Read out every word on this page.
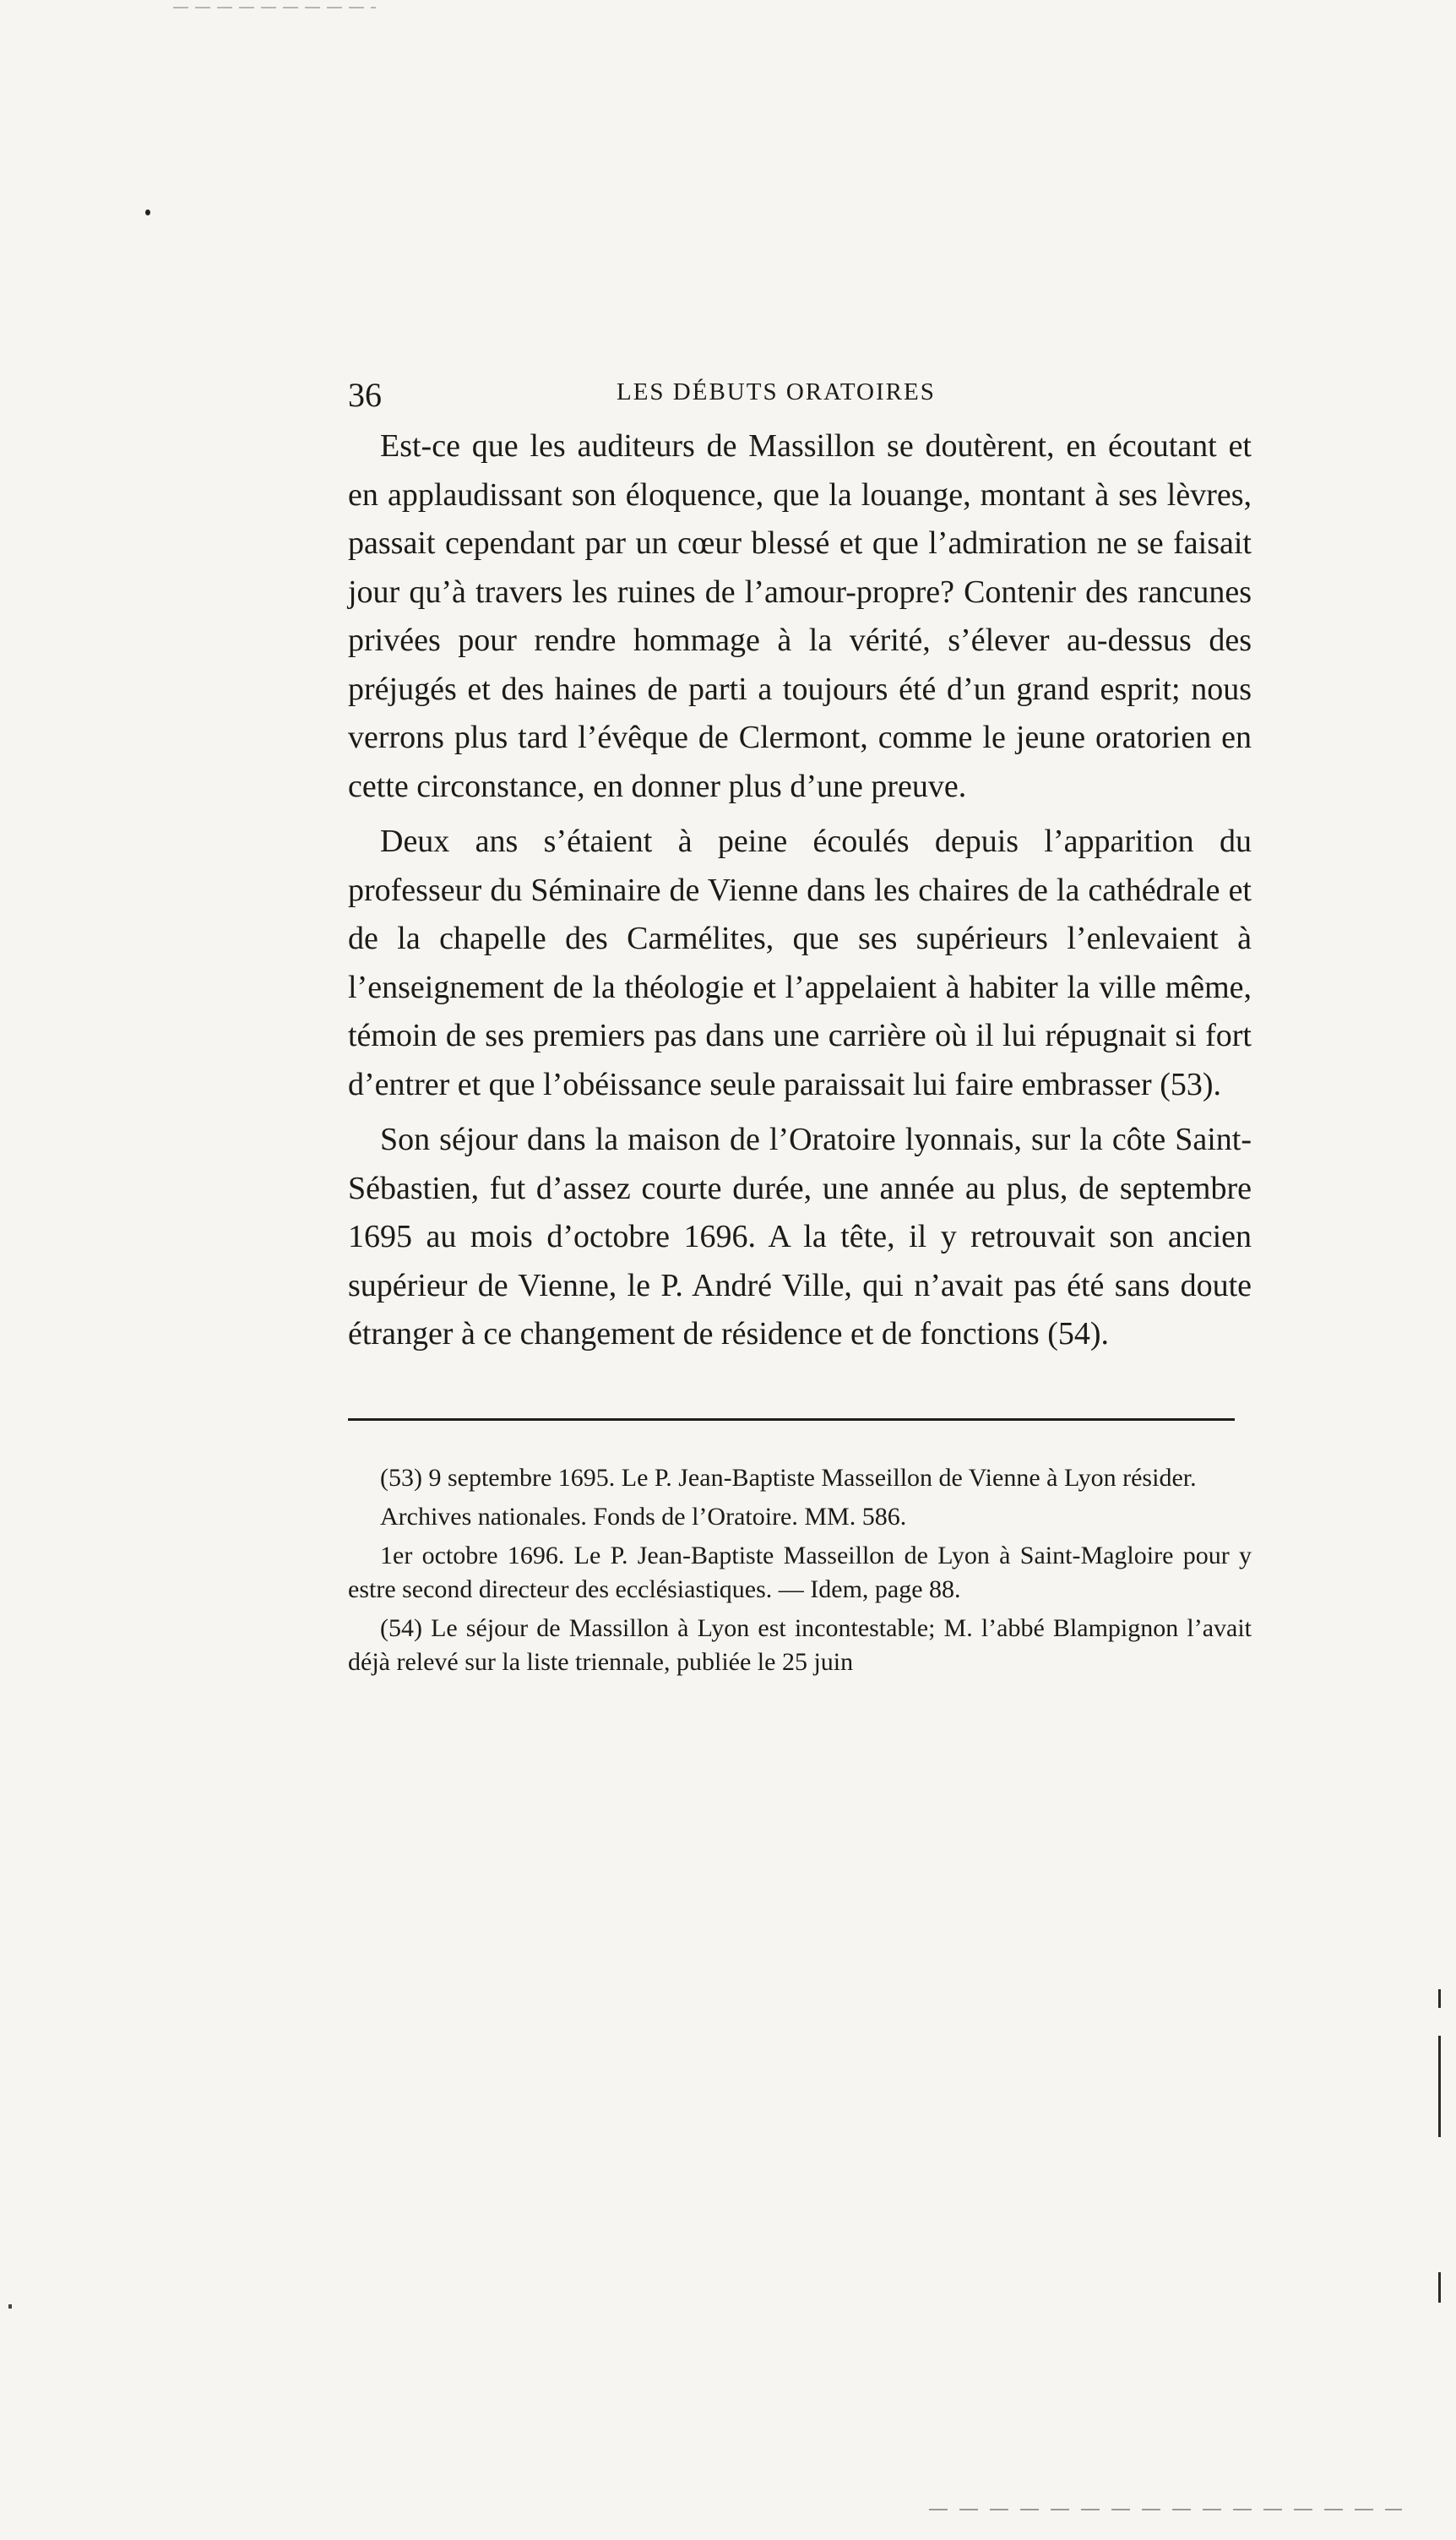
36	LES DÉBUTS ORATOIRES

Est-ce que les auditeurs de Massillon se doutèrent, en écoutant et en applaudissant son éloquence, que la louange, montant à ses lèvres, passait cependant par un cœur blessé et que l’admiration ne se faisait jour qu’à travers les ruines de l’amour-propre? Contenir des rancunes privées pour rendre hommage à la vérité, s’élever au-dessus des préjugés et des haines de parti a toujours été d’un grand esprit; nous verrons plus tard l’évêque de Clermont, comme le jeune oratorien en cette circonstance, en donner plus d’une preuve.

Deux ans s’étaient à peine écoulés depuis l’apparition du professeur du Séminaire de Vienne dans les chaires de la cathédrale et de la chapelle des Carmélites, que ses supérieurs l’enlevaient à l’enseignement de la théologie et l’appelaient à habiter la ville même, témoin de ses premiers pas dans une carrière où il lui répugnait si fort d’entrer et que l’obéissance seule paraissait lui faire embrasser (53).

Son séjour dans la maison de l’Oratoire lyonnais, sur la côte Saint-Sébastien, fut d’assez courte durée, une année au plus, de septembre 1695 au mois d’octobre 1696. A la tête, il y retrouvait son ancien supérieur de Vienne, le P. André Ville, qui n’avait pas été sans doute étranger à ce changement de résidence et de fonctions (54).

(53) 9 septembre 1695. Le P. Jean-Baptiste Masseillon de Vienne à Lyon résider.

Archives nationales. Fonds de l’Oratoire. MM. 586.

1er octobre 1696. Le P. Jean-Baptiste Masseillon de Lyon à Saint-Magloire pour y estre second directeur des ecclésiastiques. — Idem, page 88.

(54) Le séjour de Massillon à Lyon est incontestable; M. l’abbé Blampignon l’avait déjà relevé sur la liste triennale, publiée le 25 juin
